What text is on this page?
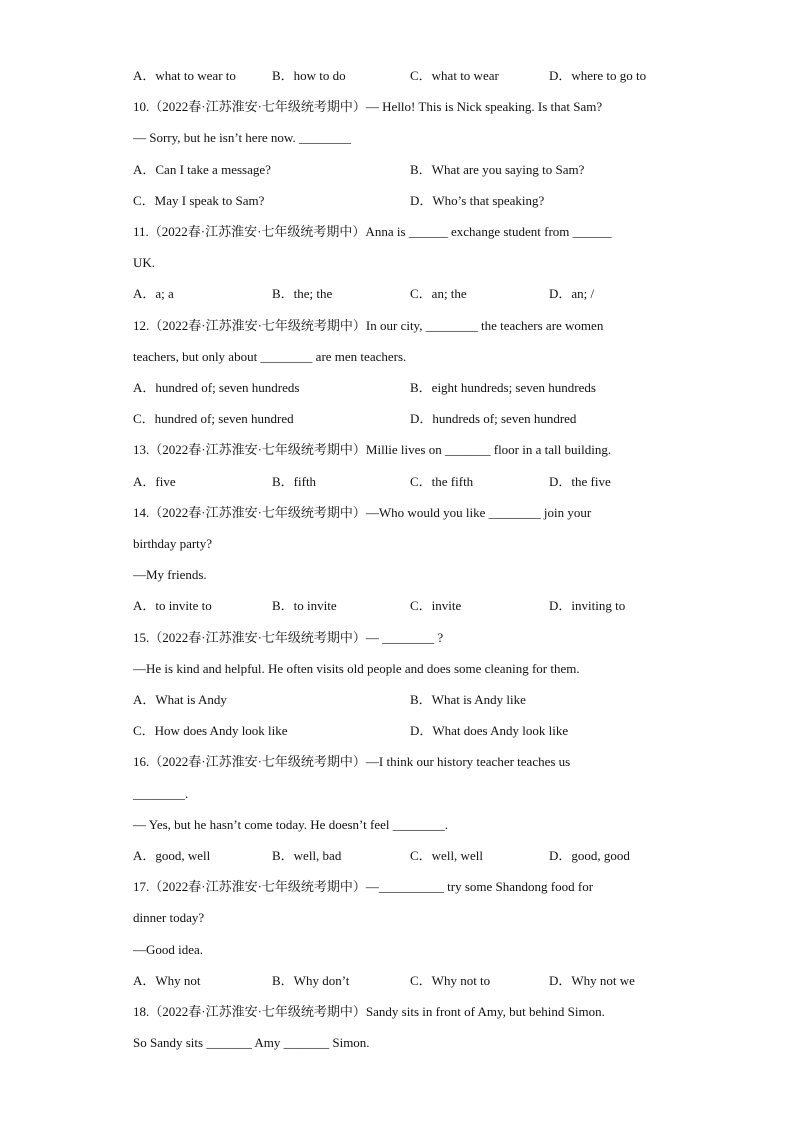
A．what to wear to	B．how to do	C．what to wear	D．where to go to
10.（2022春·江苏淮安·七年级统考期中）— Hello! This is Nick speaking. Is that Sam?
— Sorry, but he isn’t here now. ________
A．Can I take a message?	B．What are you saying to Sam?
C．May I speak to Sam?	D．Who’s that speaking?
11.（2022春·江苏淮安·七年级统考期中）Anna is ______ exchange student from ______
UK.
A．a; a	B．the; the	C．an; the	D．an; /
12.（2022春·江苏淮安·七年级统考期中）In our city, ________ the teachers are women
teachers, but only about ________ are men teachers.
A．hundred of; seven hundreds	B．eight hundreds; seven hundreds
C．hundred of; seven hundred	D．hundreds of; seven hundred
13.（2022春·江苏淮安·七年级统考期中）Millie lives on _______ floor in a tall building.
A．five	B．fifth	C．the fifth	D．the five
14.（2022春·江苏淮安·七年级统考期中）—Who would you like ________ join your
birthday party?
—My friends.
A．to invite to	B．to invite	C．invite	D．inviting to
15.（2022春·江苏淮安·七年级统考期中）— ________ ?
—He is kind and helpful. He often visits old people and does some cleaning for them.
A．What is Andy	B．What is Andy like
C．How does Andy look like	D．What does Andy look like
16.（2022春·江苏淮安·七年级统考期中）—I think our history teacher teaches us
________.
— Yes, but he hasn’t come today. He doesn’t feel ________.
A．good, well	B．well, bad	C．well, well	D．good, good
17.（2022春·江苏淮安·七年级统考期中）—__________ try some Shandong food for
dinner today?
—Good idea.
A．Why not	B．Why don’t	C．Why not to	D．Why not we
18.（2022春·江苏淮安·七年级统考期中）Sandy sits in front of Amy, but behind Simon.
So Sandy sits _______ Amy _______ Simon.
